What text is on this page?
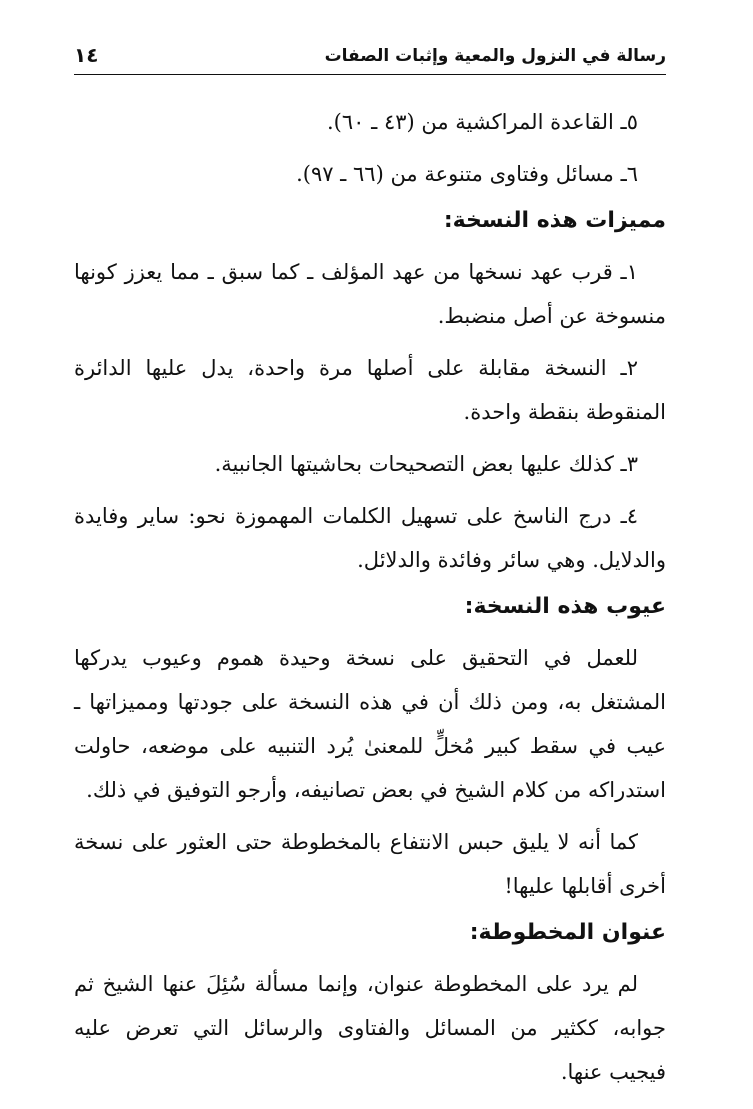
رسالة في النزول والمعية وإثبات الصفات
١٤

٥ـ القاعدة المراكشية من (٤٣ ـ ٦٠).

٦ـ مسائل وفتاوى متنوعة من (٦٦ ـ ٩٧).

مميزات هذه النسخة:

١ـ قرب عهد نسخها من عهد المؤلف ـ كما سبق ـ مما يعزز كونها منسوخة عن أصل منضبط.

٢ـ النسخة مقابلة على أصلها مرة واحدة، يدل عليها الدائرة المنقوطة بنقطة واحدة.

٣ـ كذلك عليها بعض التصحيحات بحاشيتها الجانبية.

٤ـ درج الناسخ على تسهيل الكلمات المهموزة نحو: ساير وفايدة والدلايل. وهي سائر وفائدة والدلائل.

عيوب هذه النسخة:

للعمل في التحقيق على نسخة وحيدة هموم وعيوب يدركها المشتغل به، ومن ذلك أن في هذه النسخة على جودتها ومميزاتها ـ عيب في سقط كبير مُخلٍّ للمعنىٰ يُرد التنبيه على موضعه، حاولت استدراكه من كلام الشيخ في بعض تصانيفه، وأرجو التوفيق في ذلك.

كما أنه لا يليق حبس الانتفاع بالمخطوطة حتى العثور على نسخة أخرى أقابلها عليها!

عنوان المخطوطة:

لم يرد على المخطوطة عنوان، وإنما مسألة سُئِلَ عنها الشيخ ثم جوابه، ككثير من المسائل والفتاوى والرسائل التي تعرض عليه فيجيب عنها.
